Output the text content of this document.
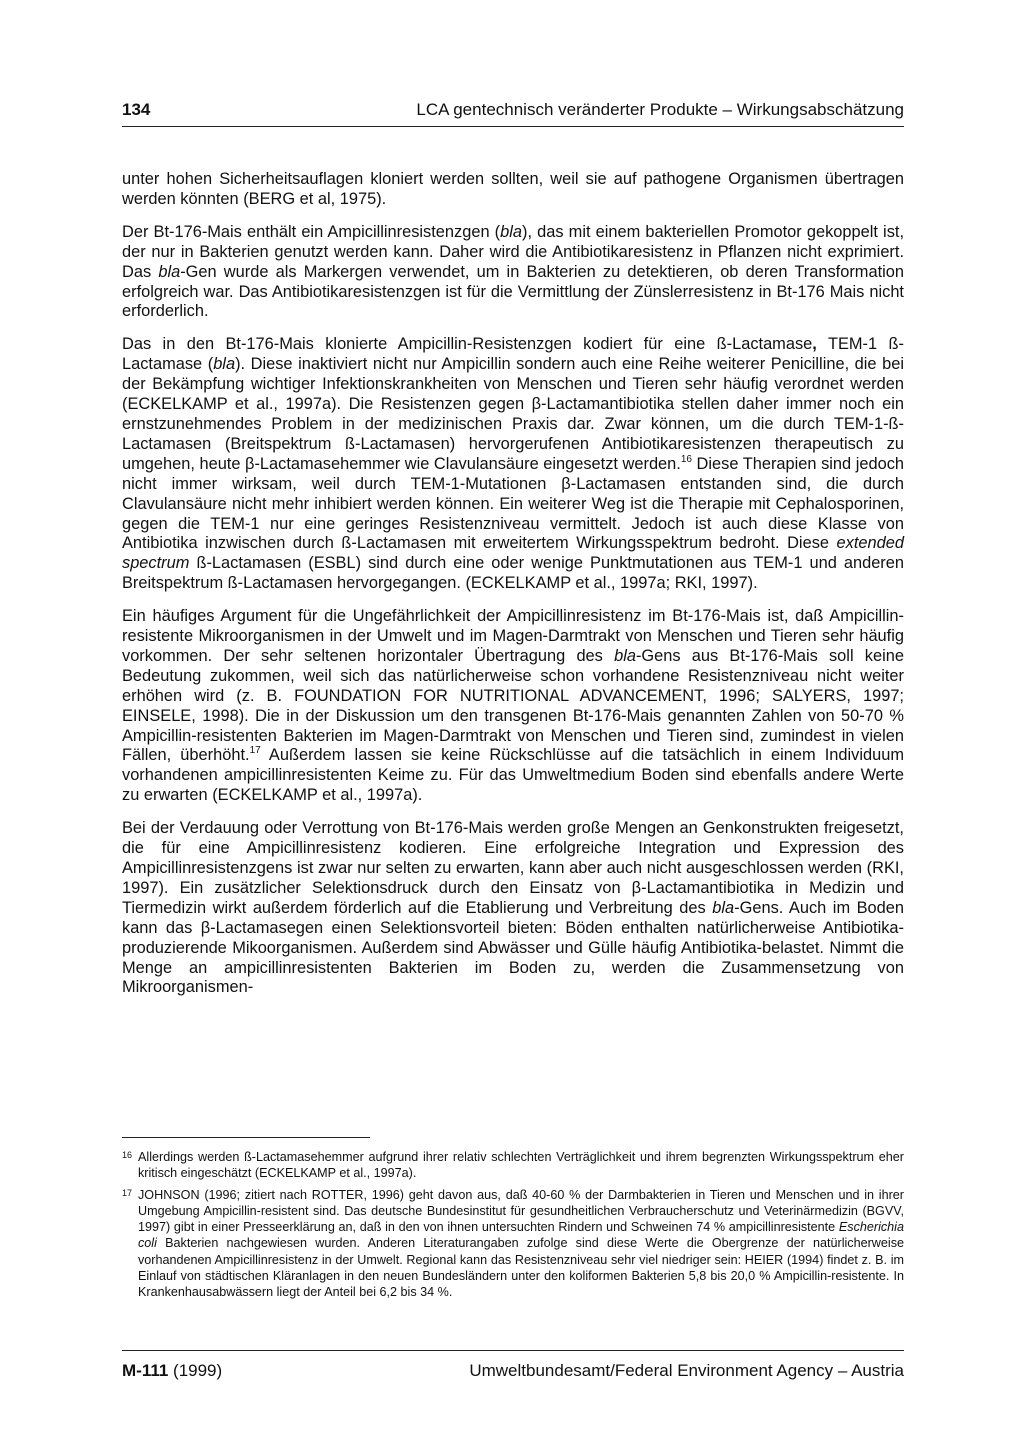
134	LCA gentechnisch veränderter Produkte – Wirkungsabschätzung

unter hohen Sicherheitsauflagen kloniert werden sollten, weil sie auf pathogene Organismen übertragen werden könnten (BERG et al, 1975).

Der Bt-176-Mais enthält ein Ampicillinresistenzgen (bla), das mit einem bakteriellen Promotor gekoppelt ist, der nur in Bakterien genutzt werden kann. Daher wird die Antibiotikaresistenz in Pflanzen nicht exprimiert. Das bla-Gen wurde als Markergen verwendet, um in Bakterien zu detektieren, ob deren Transformation erfolgreich war. Das Antibiotikaresistenzgen ist für die Vermittlung der Zünslerresistenz in Bt-176 Mais nicht erforderlich.

Das in den Bt-176-Mais klonierte Ampicillin-Resistenzgen kodiert für eine ß-Lactamase, TEM-1 ß-Lactamase (bla). Diese inaktiviert nicht nur Ampicillin sondern auch eine Reihe weiterer Penicilline, die bei der Bekämpfung wichtiger Infektionskrankheiten von Menschen und Tieren sehr häufig verordnet werden (ECKELKAMP et al., 1997a). Die Resistenzen gegen β-Lactamantibiotika stellen daher immer noch ein ernstzunehmendes Problem in der medizinischen Praxis dar. Zwar können, um die durch TEM-1-ß-Lactamasen (Breitspektrum ß-Lactamasen) hervorgerufenen Antibiotikaresistenzen therapeutisch zu umgehen, heute β-Lactamasehemmer wie Clavulansäure eingesetzt werden.$^{16}$ Diese Therapien sind jedoch nicht immer wirksam, weil durch TEM-1-Mutationen β-Lactamasen entstanden sind, die durch Clavulansäure nicht mehr inhibiert werden können. Ein weiterer Weg ist die Therapie mit Cephalosporinen, gegen die TEM-1 nur eine geringes Resistenzniveau vermittelt. Jedoch ist auch diese Klasse von Antibiotika inzwischen durch ß-Lactamasen mit erweitertem Wirkungsspektrum bedroht. Diese extended spectrum ß-Lactamasen (ESBL) sind durch eine oder wenige Punktmutationen aus TEM-1 und anderen Breitspektrum ß-Lactamasen hervorgegangen. (ECKELKAMP et al., 1997a; RKI, 1997).

Ein häufiges Argument für die Ungefährlichkeit der Ampicillinresistenz im Bt-176-Mais ist, daß Ampicillin-resistente Mikroorganismen in der Umwelt und im Magen-Darmtrakt von Menschen und Tieren sehr häufig vorkommen. Der sehr seltenen horizontaler Übertragung des bla-Gens aus Bt-176-Mais soll keine Bedeutung zukommen, weil sich das natürlicherweise schon vorhandene Resistenzniveau nicht weiter erhöhen wird (z. B. FOUNDATION FOR NUTRITIONAL ADVANCEMENT, 1996; SALYERS, 1997; EINSELE, 1998). Die in der Diskussion um den transgenen Bt-176-Mais genannten Zahlen von 50-70 % Ampicillin-resistenten Bakterien im Magen-Darmtrakt von Menschen und Tieren sind, zumindest in vielen Fällen, überhöht.$^{17}$ Außerdem lassen sie keine Rückschlüsse auf die tatsächlich in einem Individuum vorhandenen ampicillinresistenten Keime zu. Für das Umweltmedium Boden sind ebenfalls andere Werte zu erwarten (ECKELKAMP et al., 1997a).

Bei der Verdauung oder Verrottung von Bt-176-Mais werden große Mengen an Genkonstrukten freigesetzt, die für eine Ampicillinresistenz kodieren. Eine erfolgreiche Integration und Expression des Ampicillinresistenzgens ist zwar nur selten zu erwarten, kann aber auch nicht ausgeschlossen werden (RKI, 1997). Ein zusätzlicher Selektionsdruck durch den Einsatz von β-Lactamantibiotika in Medizin und Tiermedizin wirkt außerdem förderlich auf die Etablierung und Verbreitung des bla-Gens. Auch im Boden kann das β-Lactamasegen einen Selektionsvorteil bieten: Böden enthalten natürlicherweise Antibiotika-produzierende Mikoorganismen. Außerdem sind Abwässer und Gülle häufig Antibiotika-belastet. Nimmt die Menge an ampicillinresistenten Bakterien im Boden zu, werden die Zusammensetzung von Mikroorganismen-

16 Allerdings werden ß-Lactamasehemmer aufgrund ihrer relativ schlechten Verträglichkeit und ihrem begrenzten Wirkungsspektrum eher kritisch eingeschätzt (ECKELKAMP et al., 1997a).
17 JOHNSON (1996; zitiert nach ROTTER, 1996) geht davon aus, daß 40-60 % der Darmbakterien in Tieren und Menschen und in ihrer Umgebung Ampicillin-resistent sind. Das deutsche Bundesinstitut für gesundheitlichen Verbraucherschutz und Veterinärmedizin (BGVV, 1997) gibt in einer Presseerklärung an, daß in den von ihnen untersuchten Rindern und Schweinen 74 % ampicillinresistente Escherichia coli Bakterien nachgewiesen wurden. Anderen Literaturangaben zufolge sind diese Werte die Obergrenze der natürlicherweise vorhandenen Ampicillinresistenz in der Umwelt. Regional kann das Resistenzniveau sehr viel niedriger sein: HEIER (1994) findet z. B. im Einlauf von städtischen Kläranlagen in den neuen Bundesländern unter den koliformen Bakterien 5,8 bis 20,0 % Ampicillin-resistente. In Krankenhausabwässern liegt der Anteil bei 6,2 bis 34 %.
M-111 (1999)	Umweltbundesamt/Federal Environment Agency – Austria
